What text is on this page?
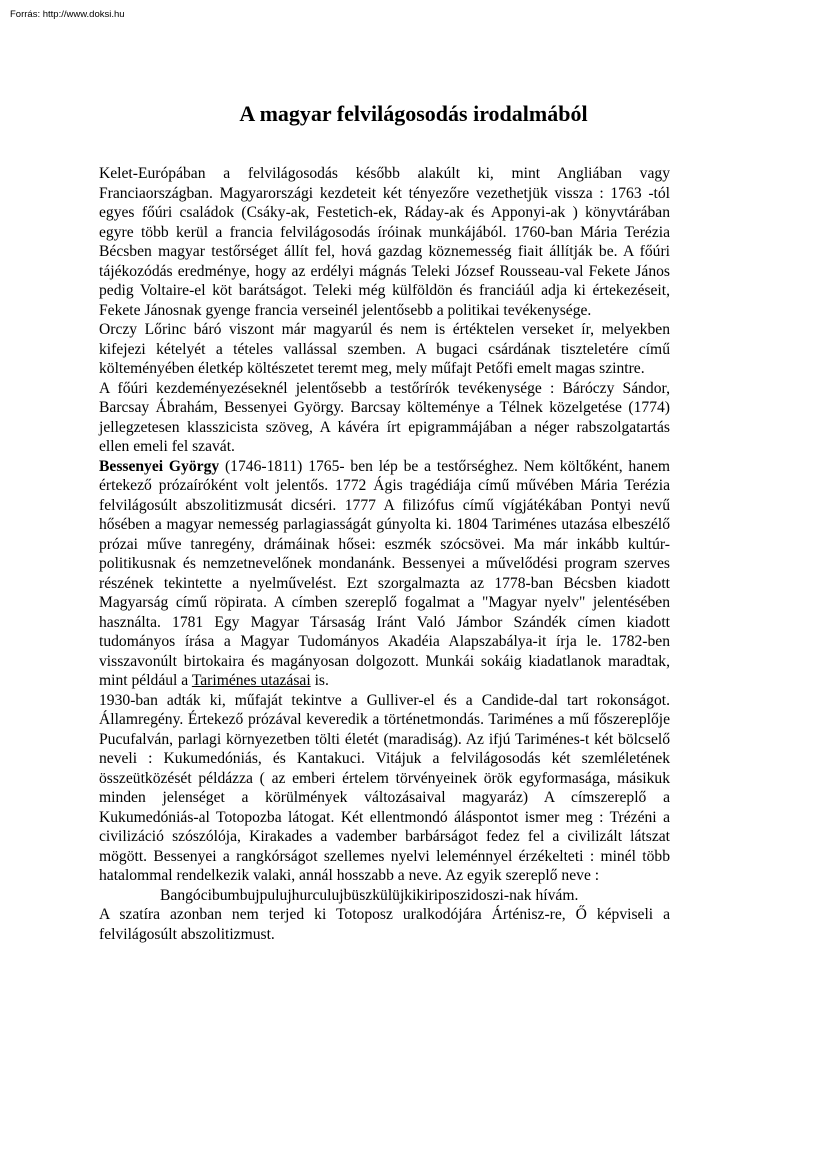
Forrás: http://www.doksi.hu
A magyar felvilágosodás irodalmából

Kelet-Európában a felvilágosodás később alakúlt ki, mint Angliában vagy Franciaországban. Magyarországi kezdeteit két tényezőre vezethetjük vissza : 1763 -tól egyes főúri családok (Csáky-ak, Festetich-ek, Ráday-ak és Apponyi-ak ) könyvtárában egyre több kerül a francia felvilágosodás íróinak munkájából. 1760-ban Mária Terézia Bécsben magyar testőrséget állít fel, hová gazdag köznemesség fiait állítják be. A főúri tájékozódás eredménye, hogy az erdélyi mágnás Teleki József Rousseau-val Fekete János pedig Voltaire-el köt barátságot. Teleki még külföldön és franciáúl adja ki értekezéseit, Fekete Jánosnak gyenge francia verseinél jelentősebb a politikai tevékenysége.

Orczy Lőrinc báró viszont már magyarúl és nem is értéktelen verseket ír, melyekben kifejezi kételyét a tételes vallással szemben. A bugaci csárdának tiszteletére című költeményében életkép költészetet teremt meg, mely műfajt Petőfi emelt magas szintre.

A főúri kezdeményezéseknél jelentősebb a testőrírók tevékenysége : Báróczy Sándor, Barcsay Ábrahám, Bessenyei György. Barcsay költeménye a Télnek közelgetése (1774) jellegzetesen klasszicista szöveg, A kávéra írt epigrammájában a néger rabszolgatartás ellen emeli fel szavát.

Bessenyei György (1746-1811) 1765- ben lép be a testőrséghez. Nem költőként, hanem értekező prózaíróként volt jelentős. 1772 Ágis tragédiája című művében Mária Terézia felvilágosúlt abszolitizmusát dicséri. 1777 A filizófus című vígjátékában Pontyi nevű hősében a magyar nemesség parlagiasságát gúnyolta ki. 1804 Tariménes utazása elbeszélő prózai műve tanregény, drámáinak hősei: eszmék szócsövei. Ma már inkább kultúr-politikusnak és nemzetnevelőnek mondanánk. Bessenyei a művelődési program szerves részének tekintette a nyelművelést. Ezt szorgalmazta az 1778-ban Bécsben kiadott Magyarság című röpirata. A címben szereplő fogalmat a "Magyar nyelv" jelentésében használta. 1781 Egy Magyar Társaság Iránt Való Jámbor Szándék címen kiadott tudományos írása a Magyar Tudományos Akadéia Alapszabálya-it írja le. 1782-ben visszavonúlt birtokaira és magányosan dolgozott. Munkái sokáig kiadatlanok maradtak, mint például a Tariménes utazásai is.

1930-ban adták ki, műfaját tekintve a Gulliver-el és a Candide-dal tart rokonságot. Államregény. Értekező prózával keveredik a történetmondás. Tariménes a mű főszereplője Pucufalván, parlagi környezetben tölti életét (maradiság). Az ifjú Tariménes-t két bölcselő neveli : Kukumedóniás, és Kantakuci. Vitájuk a felvilágosodás két szemléletének összeütközését példázza ( az emberi értelem törvényeinek örök egyformasága, másikuk minden jelenséget a körülmények változásaival magyaráz) A címszereplő a Kukumedóniás-al Totopozba látogat. Két ellentmondó áláspontot ismer meg : Trézéni a civilizáció szószólója, Kirakades a vadember barbárságot fedez fel a civilizált látszat mögött. Bessenyei a rangkórságot szellemes nyelvi leleménnyel érzékelteti : minél több hatalommal rendelkezik valaki, annál hosszabb a neve. Az egyik szereplő neve :

Bangócibumbujpulujhurculujbüszkülüjkikiriposzidoszi-nak hívám.

A szatíra azonban nem terjed ki Totoposz uralkodójára Árténisz-re, Ő képviseli a felvilágosúlt abszolitizmust.
